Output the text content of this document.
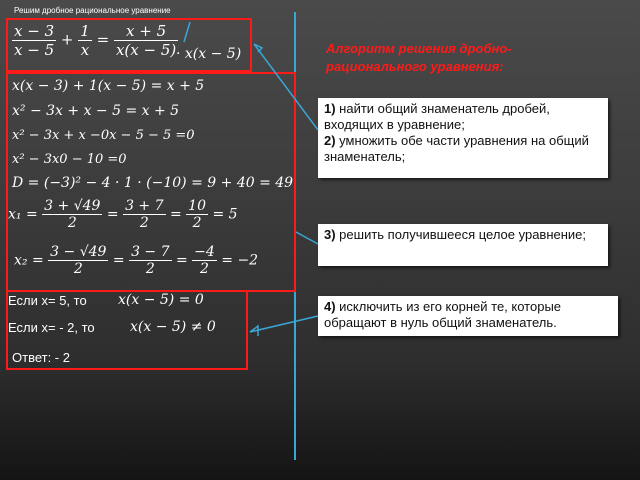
Решим дробное рациональное уравнение
$\frac{x - 3}{x - 5} + \frac{1}{x} = \frac{x + 5}{x(x - 5)}$
· x(x − 5)
x(x − 3) + 1(x − 5) = x + 5
x² − 3x + x − 5 = x + 5
x² − 3x + x −0x − 5 − 5 =0
x² − 3x0 − 10 =0
D = (−3)² − 4 · 1 · (−10) = 9 + 40 = 49
$x_1 = \frac{3 + √49}{2} = \frac{3 + 7}{2} = \frac{10}{2} = 5$
$x_2 = \frac{3 - √49}{2} = \frac{3 - 7}{2} = \frac{-4}{2} = -2$
Если x= 5, то x(x − 5) = 0
Если x= - 2, то	x(x − 5) ≠ 0
Ответ: - 2
Алгоритм решения дробно-рационального уравнения:
1) найти общий знаменатель дробей, входящих в уравнение;
2) умножить обе части уравнения на общий знаменатель;
3) решить получившееся целое уравнение;
4) исключить из его корней те, которые обращают в нуль общий знаменатель.
